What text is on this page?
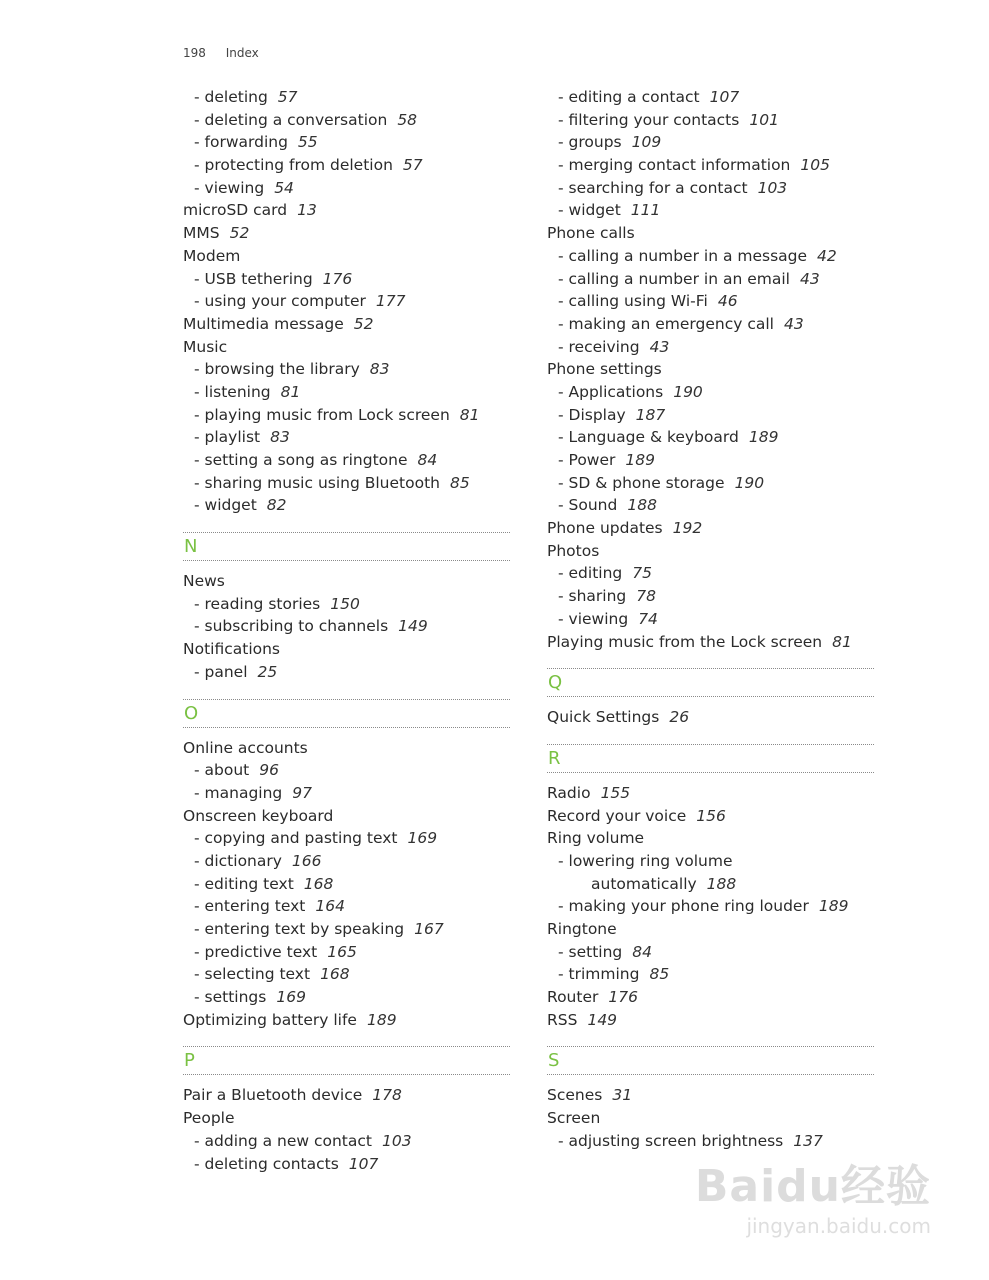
198 Index
- deleting 57
- deleting a conversation 58
- forwarding 55
- protecting from deletion 57
- viewing 54
microSD card 13
MMS 52
Modem
- USB tethering 176
- using your computer 177
Multimedia message 52
Music
- browsing the library 83
- listening 81
- playing music from Lock screen 81
- playlist 83
- setting a song as ringtone 84
- sharing music using Bluetooth 85
- widget 82
N
News
- reading stories 150
- subscribing to channels 149
Notifications
- panel 25
O
Online accounts
- about 96
- managing 97
Onscreen keyboard
- copying and pasting text 169
- dictionary 166
- editing text 168
- entering text 164
- entering text by speaking 167
- predictive text 165
- selecting text 168
- settings 169
Optimizing battery life 189
P
Pair a Bluetooth device 178
People
- adding a new contact 103
- deleting contacts 107
- editing a contact 107
- filtering your contacts 101
- groups 109
- merging contact information 105
- searching for a contact 103
- widget 111
Phone calls
- calling a number in a message 42
- calling a number in an email 43
- calling using Wi-Fi 46
- making an emergency call 43
- receiving 43
Phone settings
- Applications 190
- Display 187
- Language & keyboard 189
- Power 189
- SD & phone storage 190
- Sound 188
Phone updates 192
Photos
- editing 75
- sharing 78
- viewing 74
Playing music from the Lock screen 81
Q
Quick Settings 26
R
Radio 155
Record your voice 156
Ring volume
- lowering ring volume
automatically 188
- making your phone ring louder 189
Ringtone
- setting 84
- trimming 85
Router 176
RSS 149
S
Scenes 31
Screen
- adjusting screen brightness 137
Baidu经验
jingyan.baidu.com
